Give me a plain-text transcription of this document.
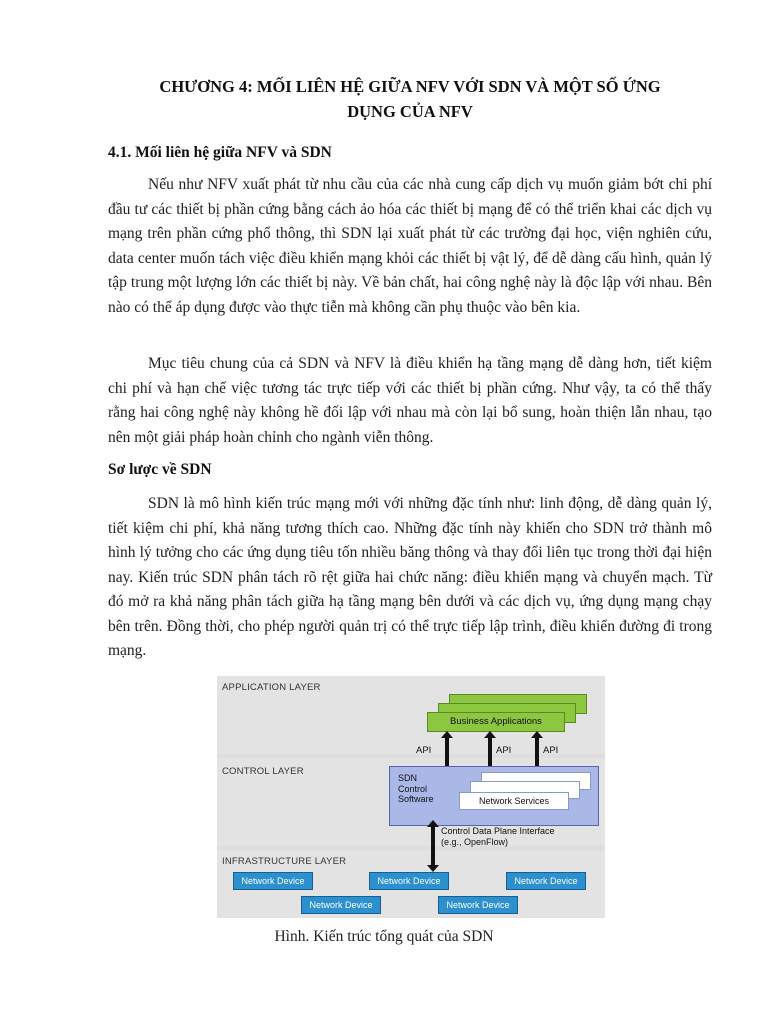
CHƯƠNG 4: MỐI LIÊN HỆ GIỮA NFV VỚI SDN VÀ MỘT SỐ ỨNG
DỤNG CỦA NFV
4.1. Mối liên hệ giữa NFV và SDN

Nếu như NFV xuất phát từ nhu cầu của các nhà cung cấp dịch vụ muốn giảm bớt chi phí đầu tư các thiết bị phần cứng bằng cách ảo hóa các thiết bị mạng để có thể triển khai các dịch vụ mạng trên phần cứng phổ thông, thì SDN lại xuất phát từ các trường đại học, viện nghiên cứu, data center muốn tách việc điều khiển mạng khỏi các thiết bị vật lý, để dễ dàng cấu hình, quản lý tập trung một lượng lớn các thiết bị này. Về bản chất, hai công nghệ này là độc lập với nhau. Bên nào có thể áp dụng được vào thực tiễn mà không cần phụ thuộc vào bên kia.

Mục tiêu chung của cả SDN và NFV là điều khiển hạ tầng mạng dễ dàng hơn, tiết kiệm chi phí và hạn chế việc tương tác trực tiếp với các thiết bị phần cứng. Như vậy, ta có thể thấy rằng hai công nghệ này không hề đối lập với nhau mà còn lại bổ sung, hoàn thiện lẫn nhau, tạo nên một giải pháp hoàn chỉnh cho ngành viễn thông.

Sơ lược về SDN

SDN là mô hình kiến trúc mạng mới với những đặc tính như: linh động, dễ dàng quản lý, tiết kiệm chi phí, khả năng tương thích cao. Những đặc tính này khiến cho SDN trở thành mô hình lý tưởng cho các ứng dụng tiêu tốn nhiều băng thông và thay đổi liên tục trong thời đại hiện nay. Kiến trúc SDN phân tách rõ rệt giữa hai chức năng: điều khiển mạng và chuyển mạch. Từ đó mở ra khả năng phân tách giữa hạ tầng mạng bên dưới và các dịch vụ, ứng dụng mạng chạy bên trên. Đồng thời, cho phép người quản trị có thể trực tiếp lập trình, điều khiển đường đi trong mạng.

APPLICATION LAYER
Business Applications
API	API	API
CONTROL LAYER
SDN
Control
Software	Network Services
Control Data Plane Interface
(e.g., OpenFlow)
INFRASTRUCTURE LAYER
Network Device	Network Device	Network Device
Network Device	Network Device

Hình. Kiến trúc tổng quát của SDN
